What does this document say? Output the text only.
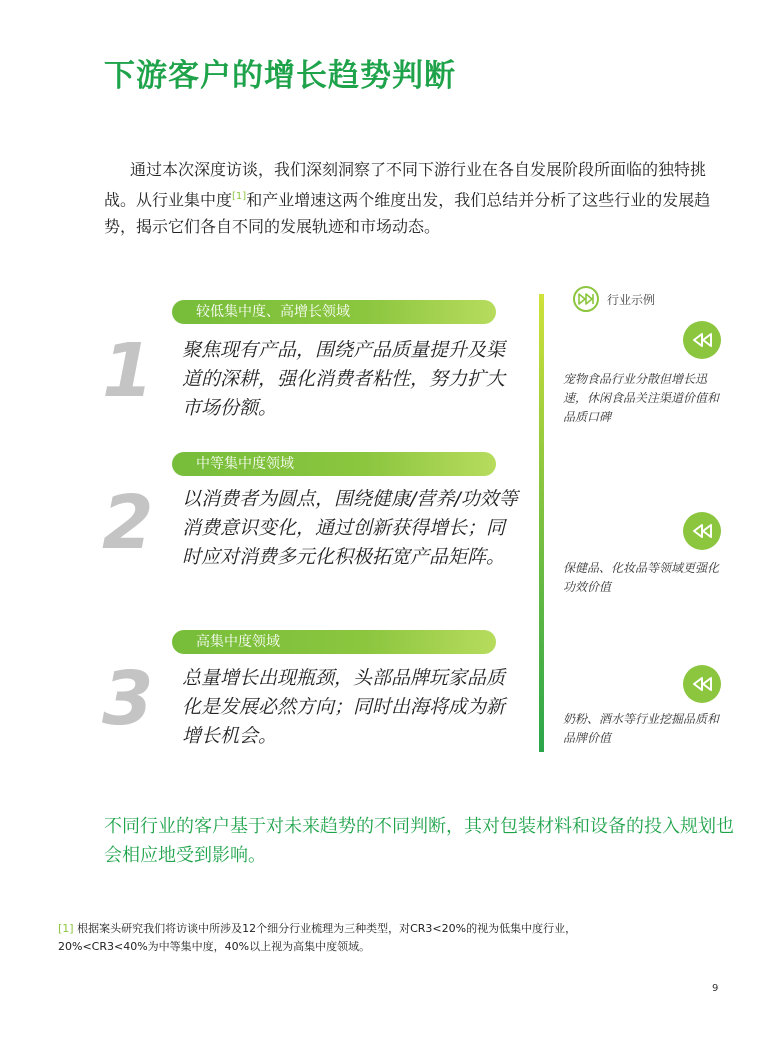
下游客户的增长趋势判断
通过本次深度访谈，我们深刻洞察了不同下游行业在各自发展阶段所面临的独特挑战。从行业集中度[1]和产业增速这两个维度出发，我们总结并分析了这些行业的发展趋势，揭示它们各自不同的发展轨迹和市场动态。
较低集中度、高增长领域
1	聚焦现有产品，围绕产品质量提升及渠道的深耕，强化消费者粘性，努力扩大市场份额。
中等集中度领域
2	以消费者为圆点，围绕健康/营养/功效等消费意识变化，通过创新获得增长；同时应对消费多元化积极拓宽产品矩阵。
高集中度领域
3	总量增长出现瓶颈，头部品牌玩家品质化是发展必然方向；同时出海将成为新增长机会。
行业示例
宠物食品行业分散但增长迅速，休闲食品关注渠道价值和品质口碑
保健品、化妆品等领域更强化功效价值
奶粉、酒水等行业挖掘品质和品牌价值
不同行业的客户基于对未来趋势的不同判断，其对包装材料和设备的投入规划也会相应地受到影响。
[1] 根据案头研究我们将访谈中所涉及12个细分行业梳理为三种类型，对CR3<20%的视为低集中度行业，
20%<CR3<40%为中等集中度，40%以上视为高集中度领域。
9
